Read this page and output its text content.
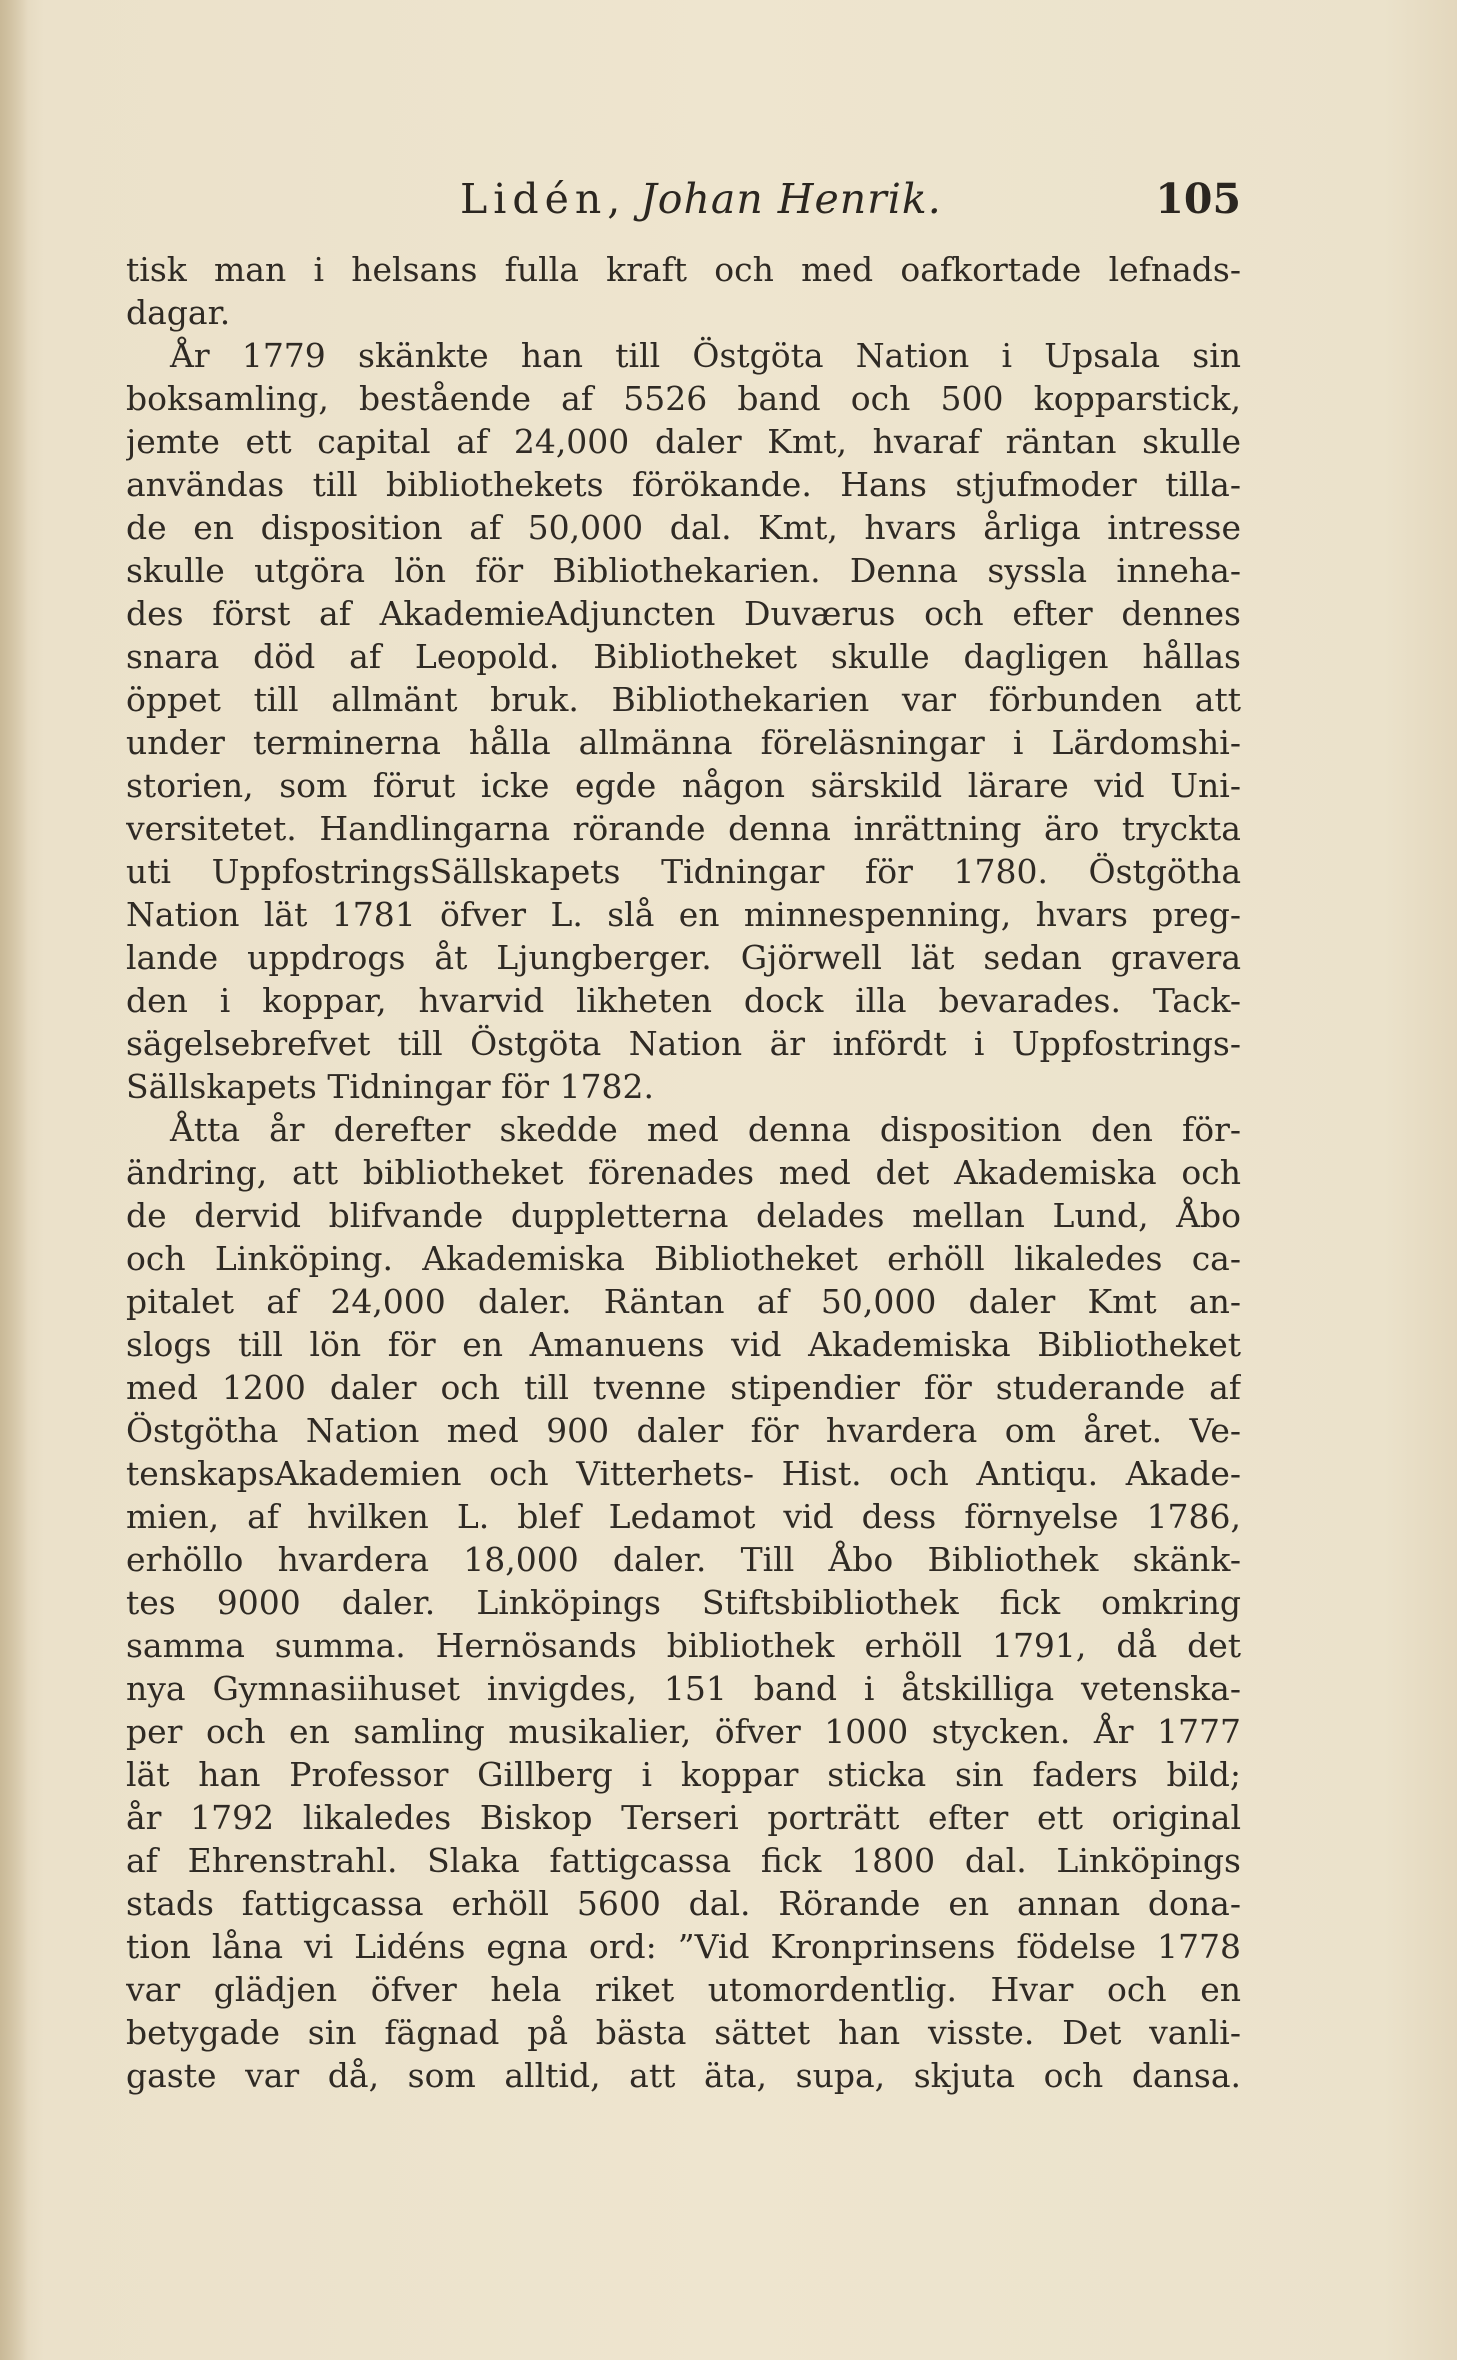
Lidén, Johan Henrik.	105
tisk man i helsans fulla kraft och med oafkortade lefnads-
dagar.
År 1779 skänkte han till Östgöta Nation i Upsala sin
boksamling, bestående af 5526 band och 500 kopparstick,
jemte ett capital af 24,000 daler Kmt, hvaraf räntan skulle
användas till bibliothekets förökande. Hans stjufmoder tilla-
de en disposition af 50,000 dal. Kmt, hvars årliga intresse
skulle utgöra lön för Bibliothekarien. Denna syssla inneha-
des först af AkademieAdjuncten Duværus och efter dennes
snara död af Leopold. Bibliotheket skulle dagligen hållas
öppet till allmänt bruk. Bibliothekarien var förbunden att
under terminerna hålla allmänna föreläsningar i Lärdomshi-
storien, som förut icke egde någon särskild lärare vid Uni-
versitetet. Handlingarna rörande denna inrättning äro tryckta
uti UppfostringsSällskapets Tidningar för 1780. Östgötha
Nation lät 1781 öfver L. slå en minnespenning, hvars preg-
lande uppdrogs åt Ljungberger. Gjörwell lät sedan gravera
den i koppar, hvarvid likheten dock illa bevarades. Tack-
sägelsebrefvet till Östgöta Nation är infördt i Uppfostrings-
Sällskapets Tidningar för 1782.
Åtta år derefter skedde med denna disposition den för-
ändring, att bibliotheket förenades med det Akademiska och
de dervid blifvande duppletterna delades mellan Lund, Åbo
och Linköping. Akademiska Bibliotheket erhöll likaledes ca-
pitalet af 24,000 daler. Räntan af 50,000 daler Kmt an-
slogs till lön för en Amanuens vid Akademiska Bibliotheket
med 1200 daler och till tvenne stipendier för studerande af
Östgötha Nation med 900 daler för hvardera om året. Ve-
tenskapsAkademien och Vitterhets- Hist. och Antiqu. Akade-
mien, af hvilken L. blef Ledamot vid dess förnyelse 1786,
erhöllo hvardera 18,000 daler. Till Åbo Bibliothek skänk-
tes 9000 daler. Linköpings Stiftsbibliothek fick omkring
samma summa. Hernösands bibliothek erhöll 1791, då det
nya Gymnasiihuset invigdes, 151 band i åtskilliga vetenska-
per och en samling musikalier, öfver 1000 stycken. År 1777
lät han Professor Gillberg i koppar sticka sin faders bild;
år 1792 likaledes Biskop Terseri porträtt efter ett original
af Ehrenstrahl. Slaka fattigcassa fick 1800 dal. Linköpings
stads fattigcassa erhöll 5600 dal. Rörande en annan dona-
tion låna vi Lidéns egna ord: ”Vid Kronprinsens födelse 1778
var glädjen öfver hela riket utomordentlig. Hvar och en
betygade sin fägnad på bästa sättet han visste. Det vanli-
gaste var då, som alltid, att äta, supa, skjuta och dansa.
